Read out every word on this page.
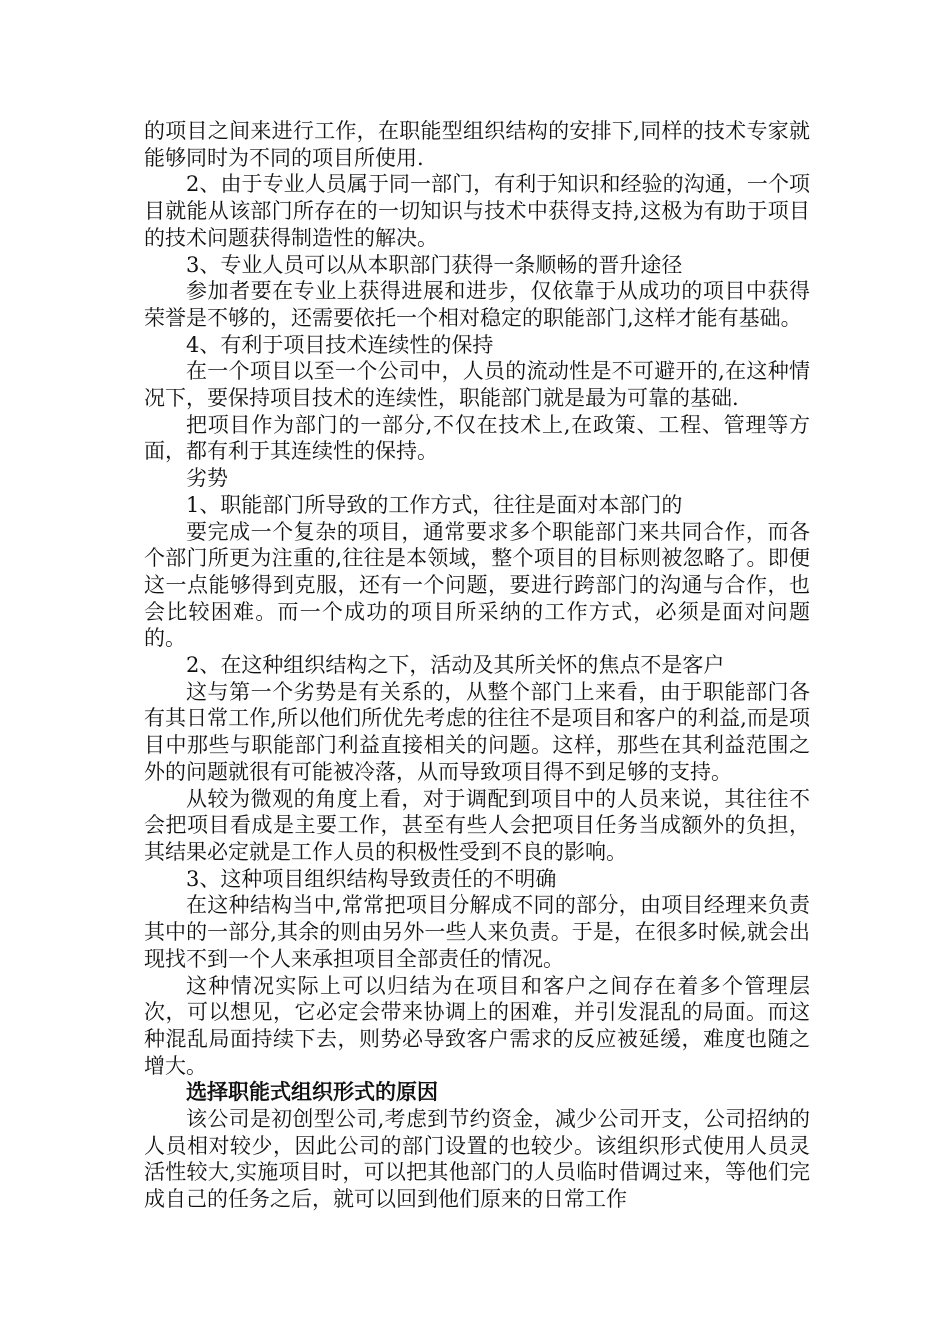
的项目之间来进行工作，在职能型组织结构的安排下,同样的技术专家就能够同时为不同的项目所使用.

2、由于专业人员属于同一部门，有利于知识和经验的沟通，一个项目就能从该部门所存在的一切知识与技术中获得支持,这极为有助于项目的技术问题获得制造性的解决。

3、专业人员可以从本职部门获得一条顺畅的晋升途径

参加者要在专业上获得进展和进步，仅依靠于从成功的项目中获得荣誉是不够的，还需要依托一个相对稳定的职能部门,这样才能有基础。

4、有利于项目技术连续性的保持

在一个项目以至一个公司中，人员的流动性是不可避开的,在这种情况下，要保持项目技术的连续性，职能部门就是最为可靠的基础.

把项目作为部门的一部分,不仅在技术上,在政策、工程、管理等方面，都有利于其连续性的保持。

劣势

1、职能部门所导致的工作方式，往往是面对本部门的

要完成一个复杂的项目，通常要求多个职能部门来共同合作，而各个部门所更为注重的,往往是本领域，整个项目的目标则被忽略了。即便这一点能够得到克服，还有一个问题，要进行跨部门的沟通与合作，也会比较困难。而一个成功的项目所采纳的工作方式，必须是面对问题的。

2、在这种组织结构之下，活动及其所关怀的焦点不是客户

这与第一个劣势是有关系的，从整个部门上来看，由于职能部门各有其日常工作,所以他们所优先考虑的往往不是项目和客户的利益,而是项目中那些与职能部门利益直接相关的问题。这样，那些在其利益范围之外的问题就很有可能被冷落，从而导致项目得不到足够的支持。

从较为微观的角度上看，对于调配到项目中的人员来说，其往往不会把项目看成是主要工作，甚至有些人会把项目任务当成额外的负担，其结果必定就是工作人员的积极性受到不良的影响。

3、这种项目组织结构导致责任的不明确

在这种结构当中,常常把项目分解成不同的部分，由项目经理来负责其中的一部分,其余的则由另外一些人来负责。于是，在很多时候,就会出现找不到一个人来承担项目全部责任的情况。

这种情况实际上可以归结为在项目和客户之间存在着多个管理层次，可以想见，它必定会带来协调上的困难，并引发混乱的局面。而这种混乱局面持续下去，则势必导致客户需求的反应被延缓，难度也随之增大。

选择职能式组织形式的原因

该公司是初创型公司,考虑到节约资金，减少公司开支，公司招纳的人员相对较少，因此公司的部门设置的也较少。该组织形式使用人员灵活性较大,实施项目时，可以把其他部门的人员临时借调过来，等他们完成自己的任务之后，就可以回到他们原来的日常工作
